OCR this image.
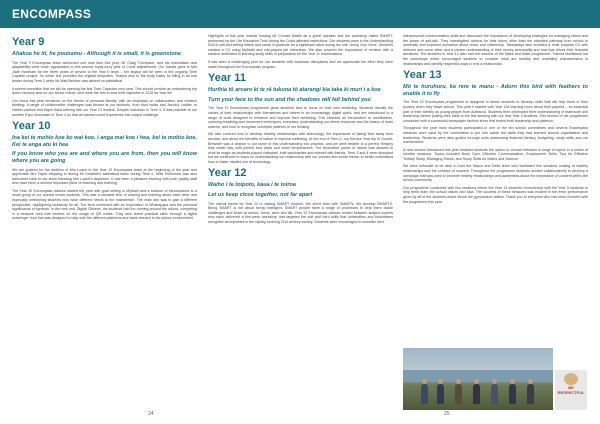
ENCOMPASS
Year 9
Ahakoa he iti, he pounamu - Although it is small, it is greenstone
The Year 9 Encompass team welcomed one new face this year, Mr Craig Thompson, and his enthusiasm and adaptability were much appreciated in this second topsy-turvy year of Covid adjustments. Our thanks goes to Mrs Jade Hardham for her three years of service to the Year 9 team – her legacy will be seen in the ongoing Time Capsule project, for which she provided the original templates. Thanks also to Ms Andy Daley for filling in as hub leader during Term 2 while Mr Matt Beldner was absent on sabbatical.
It seems incredible that we will be opening the first Time Capsules next year. This should provide an entertaining trip down memory lane for our senior cohort, who were the first to seal their capsules in 2019 as Year 9s!
Our focus this year remained on the theme of personal identity, with an emphasis on collaboration and creative thinking. A range of collaborative challenges was thrown at our students, from trust walks and Jacob's Ladder, to Harbin pavilion and Kapa Haka training with our Year 13 leaders. Despite lockdown in Term 3, it was possible to run another Expo showcase in Term 4 so that all classes could experience this unique challenge.
Year 10
Ina kei te mohio koe ko wai koe, i anga mai koe i hea, kei te mohio koe. Kei te anga atu ki hea
If you know who you are and where you are from, then you will know where you are going
We are grateful for the addition of Mrs Loach to the Year 10 Encompass team at the beginning of the year and appreciate Mrs Taylor stepping in during Mr Dhabble's sabbatical leave during Term 2. Miss McDonald was also welcomed back to our team following Mrs Loach's departure. It has been a pleasure working with such quality staff who have been a second important piece of teaching and learning.
The Year 10 Encompass classes started the year with goal setting in MyMahi and a session of introductions to a small group of our special needs students. This was a valuable time of sharing and learning about each other and especially welcoming students who have different needs to the mainstream. The main aim was to gain a different perspective, highlighting inclusivity for all. The term continued with an exploration of Whakapapa and the personal significance of symbols. In the new unit, Digital Citizens, the students had fun running around the school, competing in a treasure hunt that centred on the usage of QR codes. They also learnt practical skills through a digital scavenger hunt that was designed to help with the different platforms and tasks needed in the school environment.
Highlights of this year include hosting Mr Conrad Wattie as a guest speaker and the workshop called SMART, performed by the Life Education Trust during the Covid-affected restrictions. Our students were in the Understanding NCEA unit and writing letters and cards of gratitude for a significant adult during the unit, Using Your Voice. Students created a CV using MyMahi and role-played job interviews. We also covered the importance of revision with a session dedicated to learning study skills in preparation for the Year 11 examinations.
It has been a challenging year for our students with lockdown disruptions and we appreciate the effort they have made throughout the Encompass program.
Year 11
Hurihia tō aroaro ki te rā tukuna tō atarangi kia taka ki muri i a koe
Turn your face to the sun and the shadows will fall behind you
The Year 11 Encompass programme gives students time to focus on their own wellbeing. Students identify the values of their relationships with themselves and others in an increasingly digital world, and are introduced to a range of tools designed to enhance and improve their wellbeing. This included an introduction to mindfulness, covering breathing and movement techniques, exercises, understanding our stress response and the basics of brain science, and how to recognise unhelpful patterns in our thinking.
We also covered how to develop healthy relationships with technology, the importance of taking time away from devices, and about the benefits of nature to improve wellbeing. At the end of Term 2, our Service Year trip to Govett-Brewster was a chance to put some of this understanding into practice, and we were treated to a perfect Heaphy blue winter day, with perfect blue skies and warm temperatures. The restorative power of nature was allowed to work its magic as students played volleyball, built sandcastles and relaxed with friends. Term 3 and 4 were disrupted but we continued to focus on understanding our relationship with our phones and social media, to better understand how to foster mindful use of technology.
Year 12
Waiho i te toipoto, kaua i te toiroa
Let us keep close together, not far apart
The overall theme for Year 12 is making SMART choices. We aren't born with SMARTs. We develop SMARTS. Being SMART is not about being intelligent. SMART people have a range of processes to help them tackle challenges and thrive at school, home, work and life. Year 12 Encompass classes moved between subject experts who each delivered a five-week workshop that targeted the soft and hard skills that universities and businesses recognise as important in the rapidly evolving 21st century society. Students were encouraged to consider their
interpersonal communication skills and discussed the importance of developing strategies for managing stress and the power of self-talk. They investigated options for their future other than the standard pathway from school to university and explored scenarios about civics and citizenship. Takeaways also included a multi purpose CV with referees and cover letter and a clearer understanding of their money personality and how that drives their financial decisions. The students in Year 12 also had the lessons of the Make and Bake programme. Trained facilitators ran the workshops which encouraged students to consider what are healthy and unhealthy characteristics in relationships and identify respectful ways to end a relationship.
Year 13
Mō te huruhuru, ka rere te manu - Adorn this bird with feathers to enable it to fly
The Year 13 Encompass programme is designed to assist students to develop skills that will help them in their journey when they leave school. This year it started with Year 13s learning more about their pepeha – an essential part of their identity as young people from Aotearoa. Students then developed their understanding of teamwork and leadership before putting their skills to the test working with our new Year 9 students. This section of the programme concluded with a successful newspaper fashion show that tested both leadership and patience.
Throughout the year most students participated in one of the ten school committees and several Encompass sessions were used by the committees to put into action the skills they had learned around organisation and leadership. Students were also guided through units addressing financial literacy, budgeting, study skills and car maintenance.
A new section introduced this year enabled students the option to choose between a range of topics in a series of elective sessions. Topics included Brain Gym, Effective Communication, Employment Skills, Tips for Effective Tertiary Study, Managing Stress, and Study Skills for Maths and Science.
We were fortunate to be able to host the Marco and Delia team who facilitated five sessions looking at healthy relationships and the concept of consent. Throughout the programme students worked collaboratively to develop a campaign that was used to promote healthy relationships and awareness about the importance of consent within the school community.
Our programme concluded with two sessions where the Year 13 students reconnected with the Year 9 students to help them learn the school values and kaia. The success of these sessions was evident in the fresh performance given by all of the students which shook the gymnasium rafters. Thank you to everyone who has been involved with the programme this year.
BE RESPECTFUL
24	25
